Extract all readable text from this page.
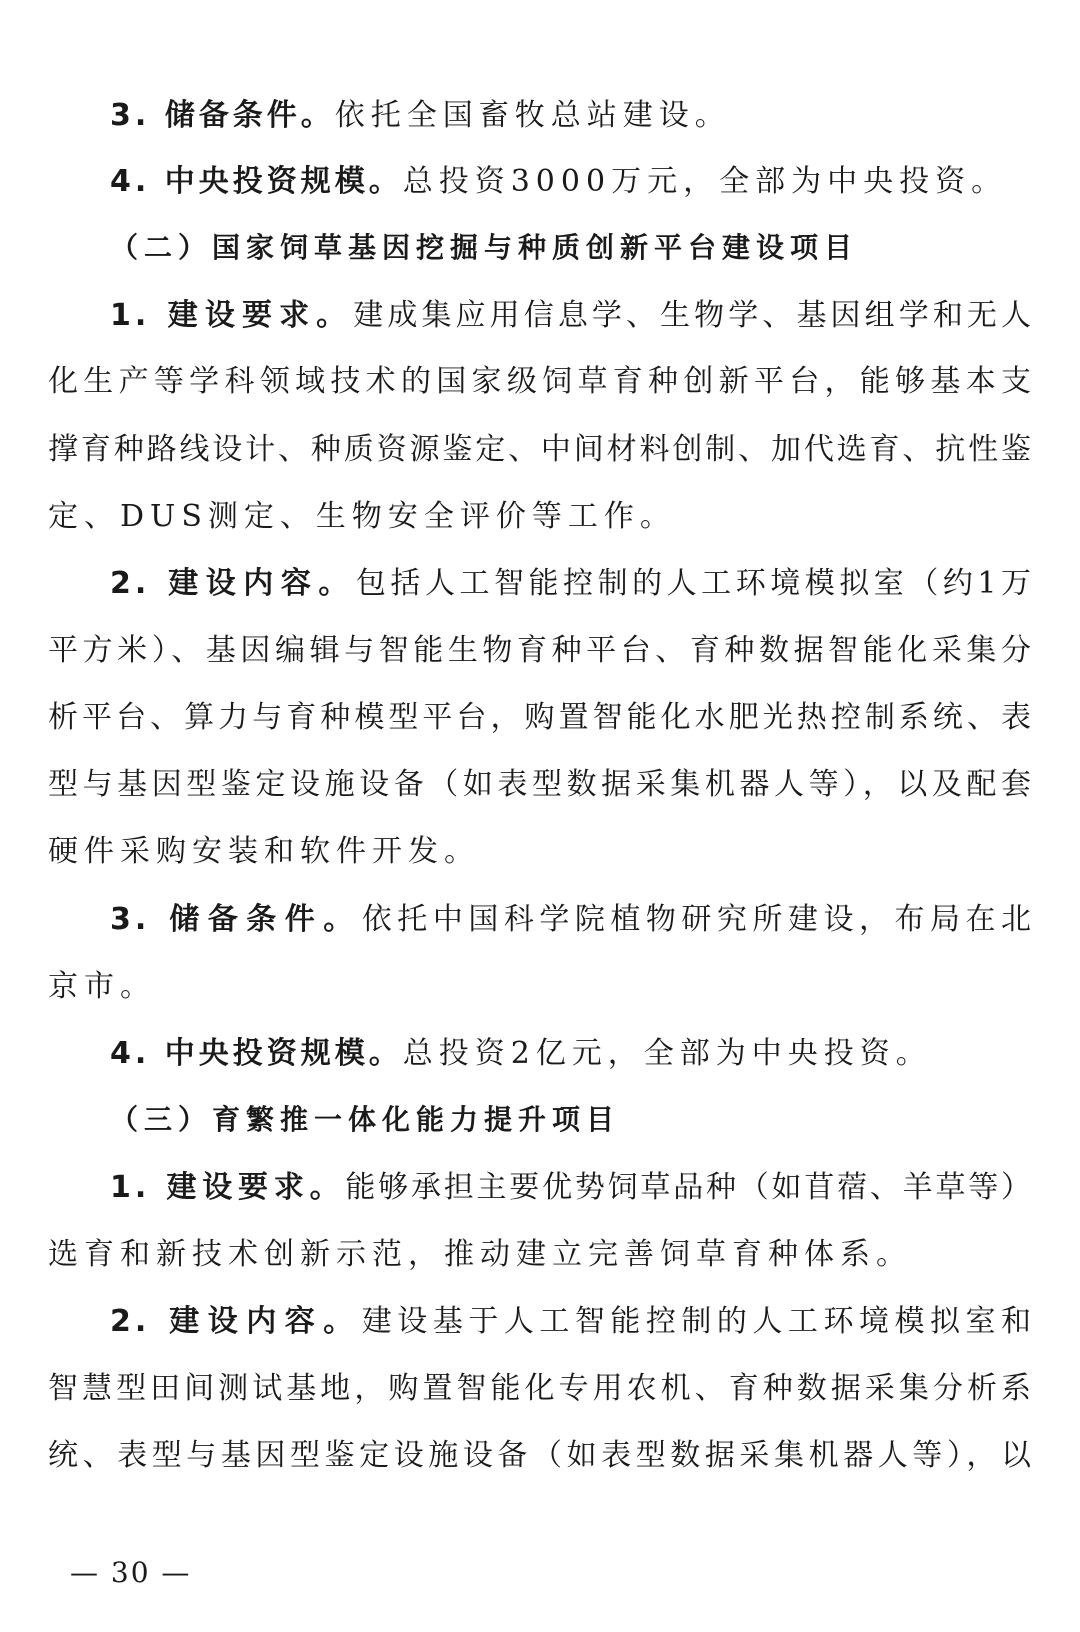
3. 储备条件。依托全国畜牧总站建设。
4. 中央投资规模。总投资3000万元，全部为中央投资。
（二）国家饲草基因挖掘与种质创新平台建设项目
1. 建设要求。建成集应用信息学、生物学、基因组学和无人
化生产等学科领域技术的国家级饲草育种创新平台，能够基本支
撑育种路线设计、种质资源鉴定、中间材料创制、加代选育、抗性鉴
定、DUS测定、生物安全评价等工作。
2. 建设内容。包括人工智能控制的人工环境模拟室（约1万
平方米）、基因编辑与智能生物育种平台、育种数据智能化采集分
析平台、算力与育种模型平台，购置智能化水肥光热控制系统、表
型与基因型鉴定设施设备（如表型数据采集机器人等），以及配套
硬件采购安装和软件开发。
3. 储备条件。依托中国科学院植物研究所建设，布局在北
京市。
4. 中央投资规模。总投资2亿元，全部为中央投资。
（三）育繁推一体化能力提升项目
1. 建设要求。能够承担主要优势饲草品种（如苜蓿、羊草等）
选育和新技术创新示范，推动建立完善饲草育种体系。
2. 建设内容。建设基于人工智能控制的人工环境模拟室和
智慧型田间测试基地，购置智能化专用农机、育种数据采集分析系
统、表型与基因型鉴定设施设备（如表型数据采集机器人等），以
— 30 —
